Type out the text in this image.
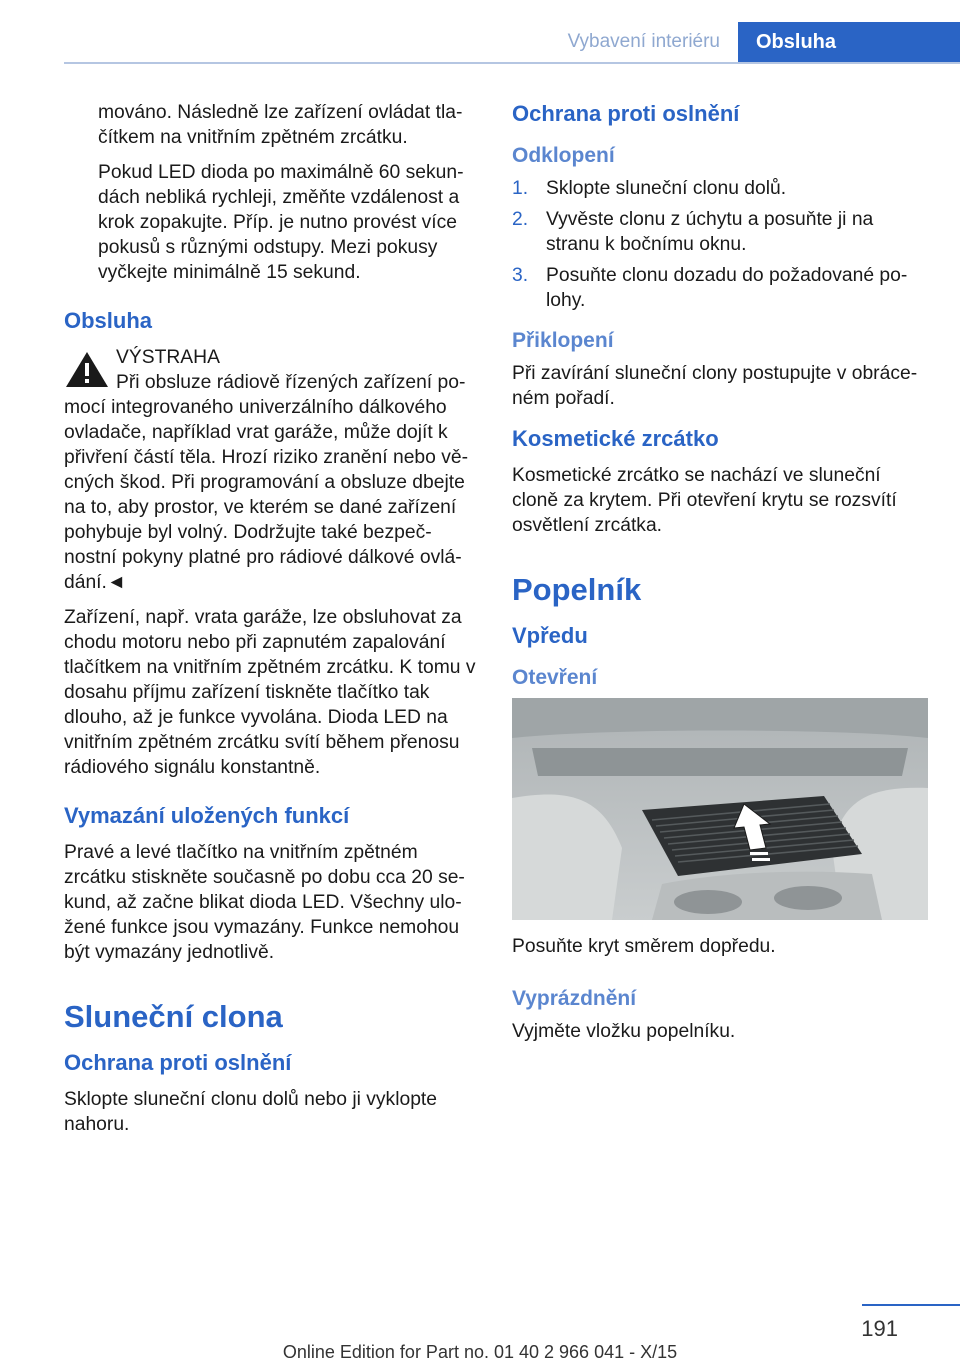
Vybavení interiéru	Obsluha

mováno. Následně lze zařízení ovládat tla- čítkem na vnitřním zpětném zrcátku.

Pokud LED dioda po maximálně 60 sekun- dách nebliká rychleji, změňte vzdálenost a krok zopakujte. Příp. je nutno provést více pokusů s různými odstupy. Mezi pokusy vyčkejte minimálně 15 sekund.

Obsluha

VÝSTRAHA

Při obsluze rádiově řízených zařízení po- mocí integrovaného univerzálního dálkového ovladače, například vrat garáže, může dojít k přivření částí těla. Hrozí riziko zranění nebo vě- cných škod. Při programování a obsluze dbejte na to, aby prostor, ve kterém se dané zařízení pohybuje byl volný. Dodržujte také bezpeč- nostní pokyny platné pro rádiové dálkové ovlá- dání.◄

Zařízení, např. vrata garáže, lze obsluhovat za chodu motoru nebo při zapnutém zapalování tlačítkem na vnitřním zpětném zrcátku. K tomu v dosahu příjmu zařízení tiskněte tlačítko tak dlouho, až je funkce vyvolána. Dioda LED na vnitřním zpětném zrcátku svítí během přenosu rádiového signálu konstantně.

Vymazání uložených funkcí

Pravé a levé tlačítko na vnitřním zpětném zrcátku stiskněte současně po dobu cca 20 se- kund, až začne blikat dioda LED. Všechny ulo- žené funkce jsou vymazány. Funkce nemohou být vymazány jednotlivě.

Sluneční clona
Ochrana proti oslnění

Sklopte sluneční clonu dolů nebo ji vyklopte nahoru.

Ochrana proti oslnění
Odklopení
1. Sklopte sluneční clonu dolů.
2. Vyvěste clonu z úchytu a posuňte ji na stranu k bočnímu oknu.
3. Posuňte clonu dozadu do požadované po- lohy.
Přiklopení

Při zavírání sluneční clony postupujte v obráce- ném pořadí.

Kosmetické zrcátko

Kosmetické zrcátko se nachází ve sluneční cloně za krytem. Při otevření krytu se rozsvítí osvětlení zrcátka.

Popelník
Vpředu
Otevření

Posuňte kryt směrem dopředu.

Vyprázdnění

Vyjměte vložku popelníku.

191
Online Edition for Part no. 01 40 2 966 041 - X/15
